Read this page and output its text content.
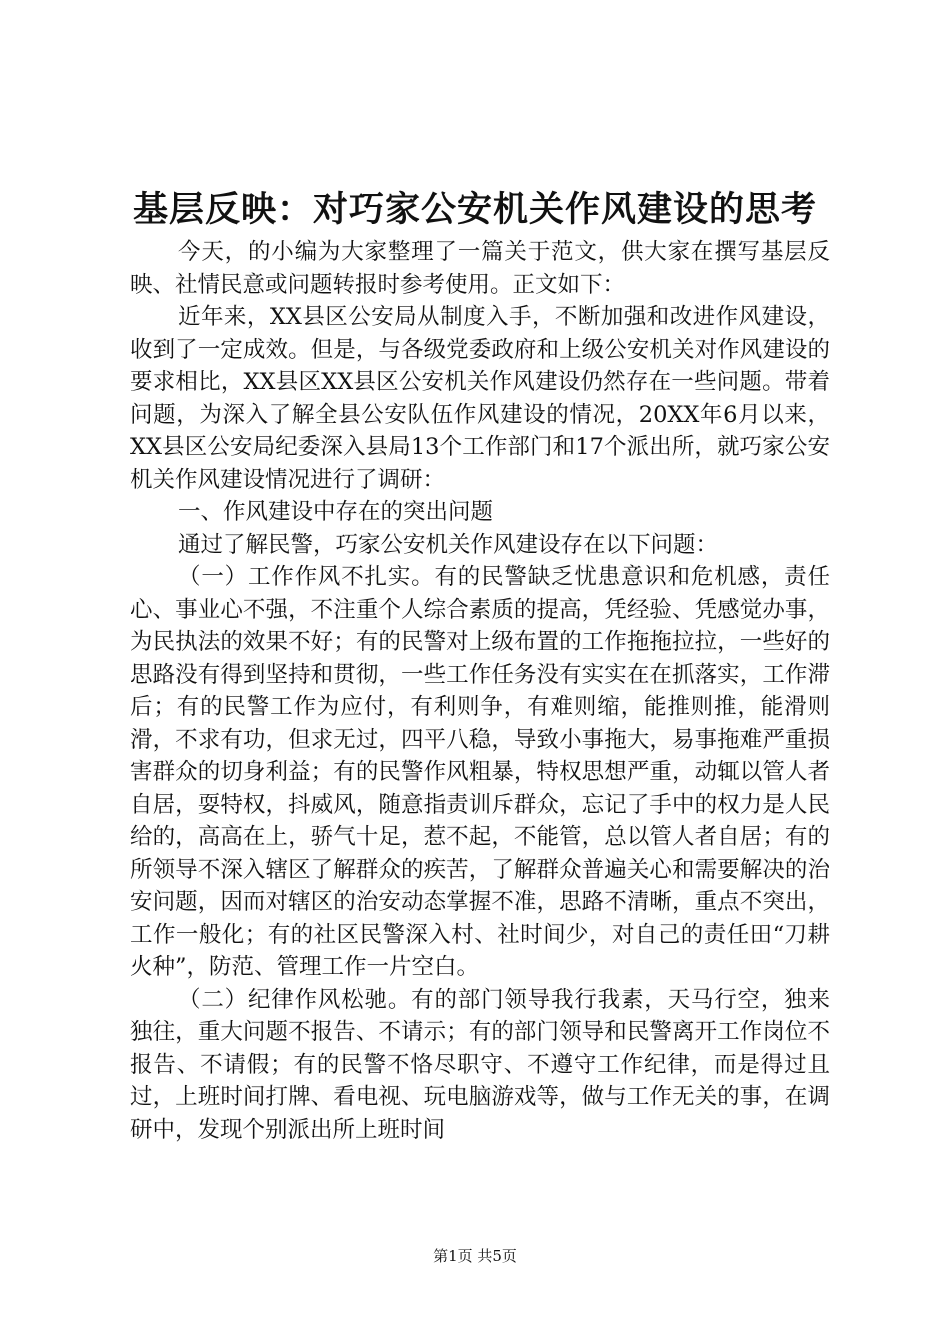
基层反映：对巧家公安机关作风建设的思考

今天，的小编为大家整理了一篇关于范文，供大家在撰写基层反映、社情民意或问题转报时参考使用。正文如下：

近年来，XX县区公安局从制度入手，不断加强和改进作风建设，收到了一定成效。但是，与各级党委政府和上级公安机关对作风建设的要求相比，XX县区XX县区公安机关作风建设仍然存在一些问题。带着问题，为深入了解全县公安队伍作风建设的情况，20XX年6月以来，XX县区公安局纪委深入县局13个工作部门和17个派出所，就巧家公安机关作风建设情况进行了调研：

一、作风建设中存在的突出问题

通过了解民警，巧家公安机关作风建设存在以下问题：

（一）工作作风不扎实。有的民警缺乏忧患意识和危机感，责任心、事业心不强，不注重个人综合素质的提高，凭经验、凭感觉办事，为民执法的效果不好；有的民警对上级布置的工作拖拖拉拉，一些好的思路没有得到坚持和贯彻，一些工作任务没有实实在在抓落实，工作滞后；有的民警工作为应付，有利则争，有难则缩，能推则推，能滑则滑，不求有功，但求无过，四平八稳，导致小事拖大，易事拖难严重损害群众的切身利益；有的民警作风粗暴，特权思想严重，动辄以管人者自居，耍特权，抖威风，随意指责训斥群众，忘记了手中的权力是人民给的，高高在上，骄气十足，惹不起，不能管，总以管人者自居；有的所领导不深入辖区了解群众的疾苦，了解群众普遍关心和需要解决的治安问题，因而对辖区的治安动态掌握不准，思路不清晰，重点不突出，工作一般化；有的社区民警深入村、社时间少，对自己的责任田“刀耕火种”，防范、管理工作一片空白。

（二）纪律作风松驰。有的部门领导我行我素，天马行空，独来独往，重大问题不报告、不请示；有的部门领导和民警离开工作岗位不报告、不请假；有的民警不恪尽职守、不遵守工作纪律，而是得过且过，上班时间打牌、看电视、玩电脑游戏等，做与工作无关的事，在调研中，发现个别派出所上班时间

第1页 共5页
